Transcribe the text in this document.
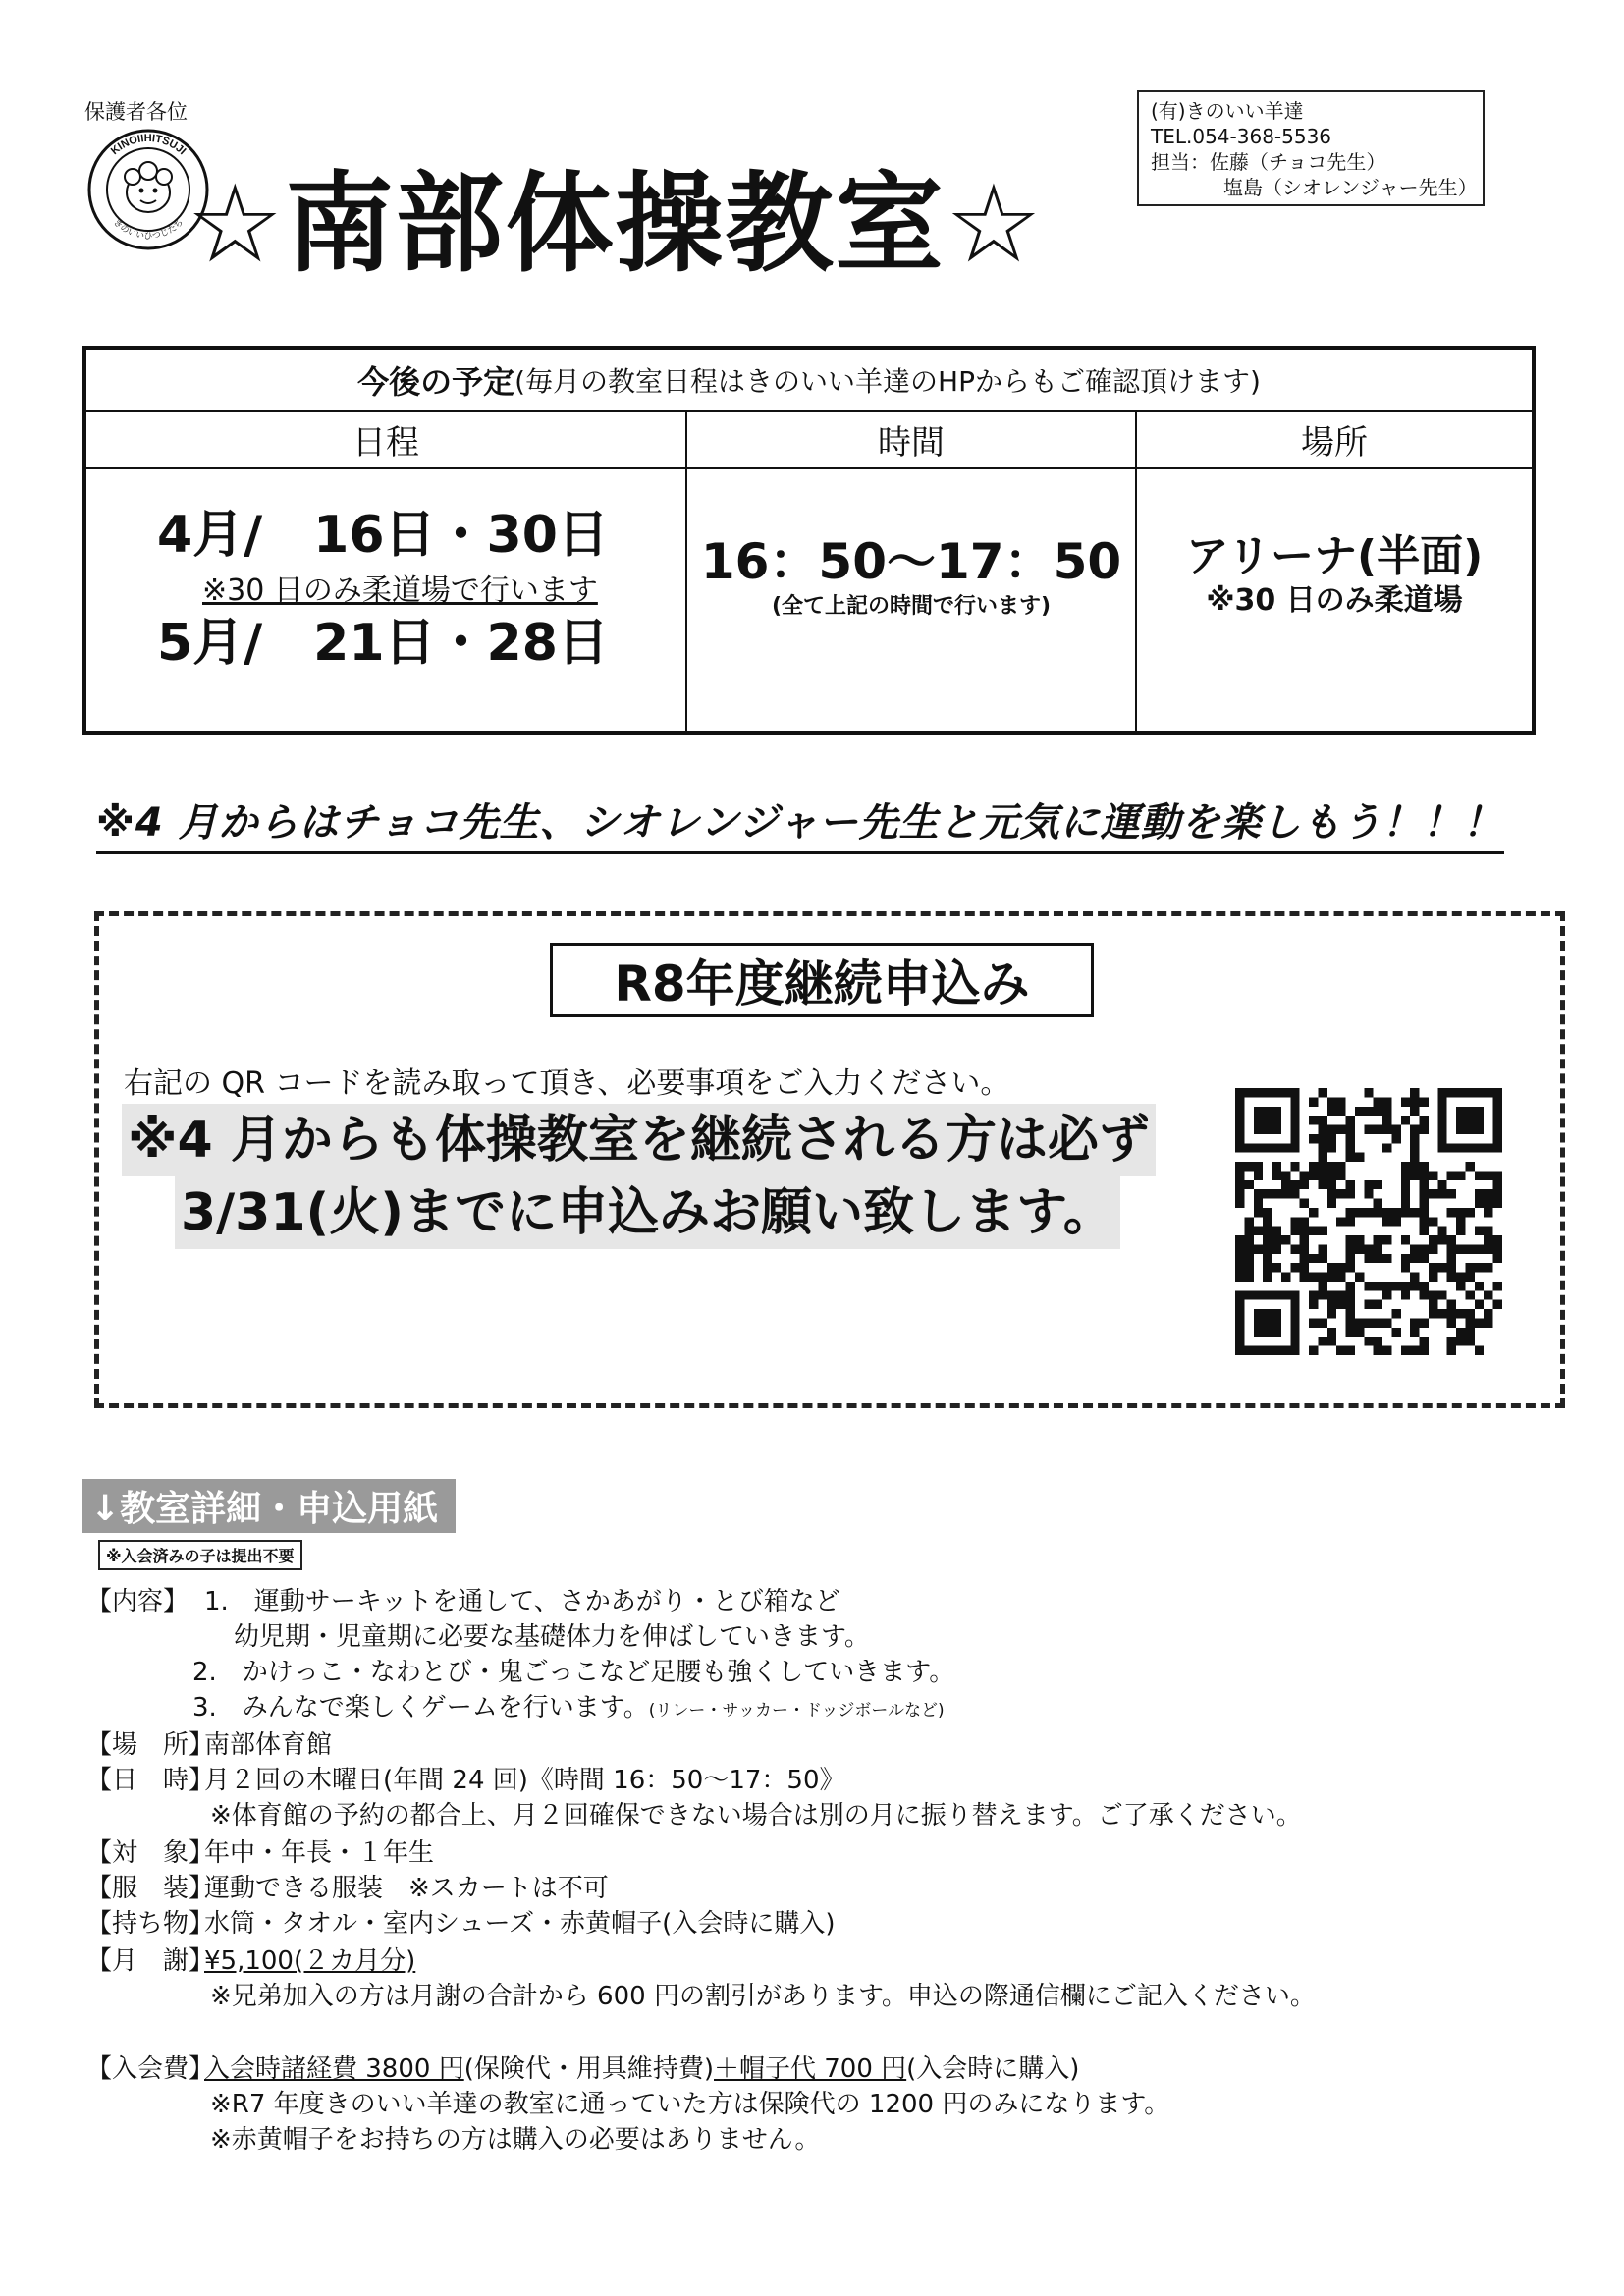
保護者各位
KINOIIHITSUJI
きのいいひつじたち ☆南部体操教室☆
(有)きのいい羊達
TEL.054-368-5536
担当：佐藤（チョコ先生）
塩島（シオレンジャー先生）
今後の予定 (毎月の教室日程はきのいい羊達のHPからもご確認頂けます)
日程	時間	場所
4月/　16日・30日
※30 日のみ柔道場で行います
5月/　21日・28日
16：50～17：50
(全て上記の時間で行います)
アリーナ(半面)
※30 日のみ柔道場
※4 月からはチョコ先生、シオレンジャー先生と元気に運動を楽しもう！！！
R8年度継続申込み
右記の QR コードを読み取って頂き、必要事項をご入力ください。
※4 月からも体操教室を継続される方は必ず
3/31(火)までに申込みお願い致します。
↓教室詳細・申込用紙
※入会済みの子は提出不要
【内容】 1.　運動サーキットを通して、さかあがり・とび箱など
幼児期・児童期に必要な基礎体力を伸ばしていきます。
2.　かけっこ・なわとび・鬼ごっこなど足腰も強くしていきます。
3.　みんなで楽しくゲームを行います。(リレー・サッカー・ドッジボールなど)
【場　所】南部体育館
【日　時】月２回の木曜日(年間 24 回)《時間 16：50～17：50》
※体育館の予約の都合上、月２回確保できない場合は別の月に振り替えます。ご了承ください。
【対　象】年中・年長・１年生
【服　装】運動できる服装　※スカートは不可
【持ち物】水筒・タオル・室内シューズ・赤黄帽子(入会時に購入)
【月　謝】¥5,100(２カ月分)
※兄弟加入の方は月謝の合計から 600 円の割引があります。申込の際通信欄にご記入ください。
【入会費】入会時諸経費 3800 円(保険代・用具維持費)＋帽子代 700 円(入会時に購入)
※R7 年度きのいい羊達の教室に通っていた方は保険代の 1200 円のみになります。
※赤黄帽子をお持ちの方は購入の必要はありません。
